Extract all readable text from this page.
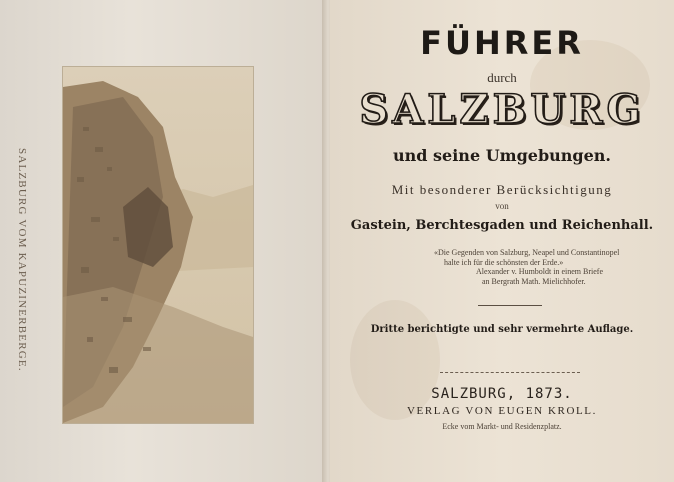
SALZBURG VOM KAPUZINERBERGE.
FÜHRER
durch
SALZBURG
und seine Umgebungen.
Mit besonderer Berücksichtigung
von
Gastein, Berchtesgaden und Reichenhall.
«Die Gegenden von Salzburg, Neapel und Constantinopel
halte ich für die schönsten der Erde.»
Alexander v. Humboldt in einem Briefe
an Bergrath Math. Mielichhofer.
Dritte berichtigte und sehr vermehrte Auflage.
SALZBURG, 1873.
VERLAG VON EUGEN KROLL.
Ecke vom Markt- und Residenzplatz.
